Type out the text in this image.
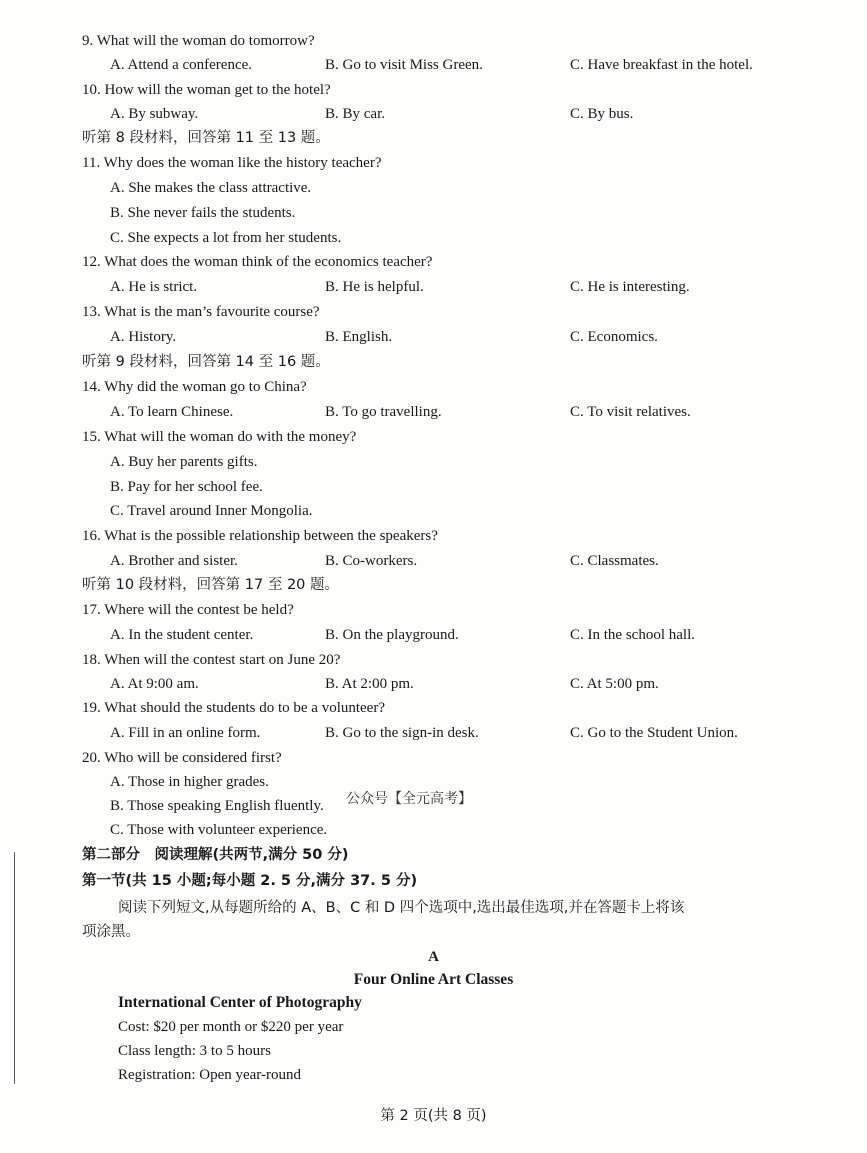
9. What will the woman do tomorrow?
A. Attend a conference.	B. Go to visit Miss Green.	C. Have breakfast in the hotel.
10. How will the woman get to the hotel?
A. By subway.	B. By car.	C. By bus.
11. Why does the woman like the history teacher?
A. She makes the class attractive.
B. She never fails the students.
C. She expects a lot from her students.
12. What does the woman think of the economics teacher?
A. He is strict.	B. He is helpful.	C. He is interesting.
13. What is the man’s favourite course?
A. History.	B. English.	C. Economics.
14. Why did the woman go to China?
A. To learn Chinese.	B. To go travelling.	C. To visit relatives.
15. What will the woman do with the money?
A. Buy her parents gifts.
B. Pay for her school fee.
C. Travel around Inner Mongolia.
16. What is the possible relationship between the speakers?
A. Brother and sister.	B. Co-workers.	C. Classmates.
17. Where will the contest be held?
A. In the student center.	B. On the playground.	C. In the school hall.
18. When will the contest start on June 20?
A. At 9:00 am.	B. At 2:00 pm.	C. At 5:00 pm.
19. What should the students do to be a volunteer?
A. Fill in an online form.	B. Go to the sign-in desk.	C. Go to the Student Union.
20. Who will be considered first?
A. Those in higher grades.
B. Those speaking English fluently.
C. Those with volunteer experience.
听第 8 段材料，回答第 11 至 13 题。
听第 9 段材料，回答第 14 至 16 题。
听第 10 段材料，回答第 17 至 20 题。
公众号【全元高考】
第二部分　阅读理解(共两节,满分 50 分)
第一节(共 15 小题;每小题 2. 5 分,满分 37. 5 分)
阅读下列短文,从每题所给的 A、B、C 和 D 四个选项中,选出最佳选项,并在答题卡上将该
项涂黑。
A
Four Online Art Classes
International Center of Photography
Cost: $20 per month or $220 per year
Class length: 3 to 5 hours
Registration: Open year-round
第 2 页(共 8 页)
